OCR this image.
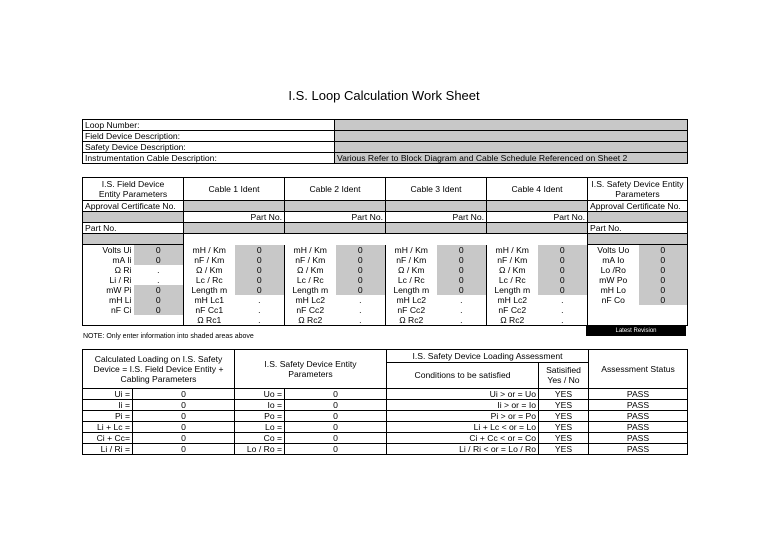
I.S. Loop Calculation Work Sheet
Loop Number:	
Field Device Description:	
Safety Device Description:	
Instrumentation Cable Description:	Various Refer to Block Diagram and Cable Schedule Referenced on Sheet 2
I.S. Field Device
Entity Parameters		Cable 1 Ident		Cable 2 Ident		Cable 3 Ident		Cable 4 Ident		I.S. Safety Device Entity
Parameters	
Approval Certificate No.										Approval Certificate No.	
		Part No.		Part No.		Part No.		Part No.			
Part No.										Part No.	

Volts Ui	0	mH / Km	0	mH / Km	0	mH / Km	0	mH / Km	0	Volts Uo	0
mA Ii	0	nF / Km	0	nF / Km	0	nF / Km	0	nF / Km	0	mA Io	0
Ω Ri	.	Ω / Km	0	Ω / Km	0	Ω / Km	0	Ω / Km	0	Lo /Ro	0
Li / Ri	.	Lc / Rc	0	Lc / Rc	0	Lc / Rc	0	Lc / Rc	0	mW Po	0
mW Pi	0	Length m	0	Length m	0	Length m	0	Length m	0	mH Lo	0
mH Li	0	mH Lc1	.	mH Lc2	.	mH Lc2	.	mH Lc2	.	nF Co	0
nF Ci	0	nF Cc1	.	nF Cc2	.	nF Cc2	.	nF Cc2	.		
		Ω Rc1	.	Ω Rc2	.	Ω Rc2	.	Ω Rc2	.		

NOTE: Only enter information into shaded areas above
Latest Revision
Calculated Loading on I.S. Safety Device = I.S. Field Device Entity + Cabling Parameters		I.S. Safety Device Entity Parameters		I.S. Safety Device Loading Assessment		Assessment Status
				Conditions to be satisfied	Satisified Yes / No	
Ui =	0	Uo =	0	Ui > or = Uo	YES	PASS
Ii =	0	Io =	0	Ii > or = Io	YES	PASS
Pi =	0	Po =	0	Pi > or = Po	YES	PASS
Li + Lc =	0	Lo =	0	Li + Lc < or = Lo	YES	PASS
Ci + Cc=	0	Co =	0	Ci + Cc < or = Co	YES	PASS
Li / Ri =	0	Lo / Ro =	0	Li / Ri < or = Lo / Ro	YES	PASS
